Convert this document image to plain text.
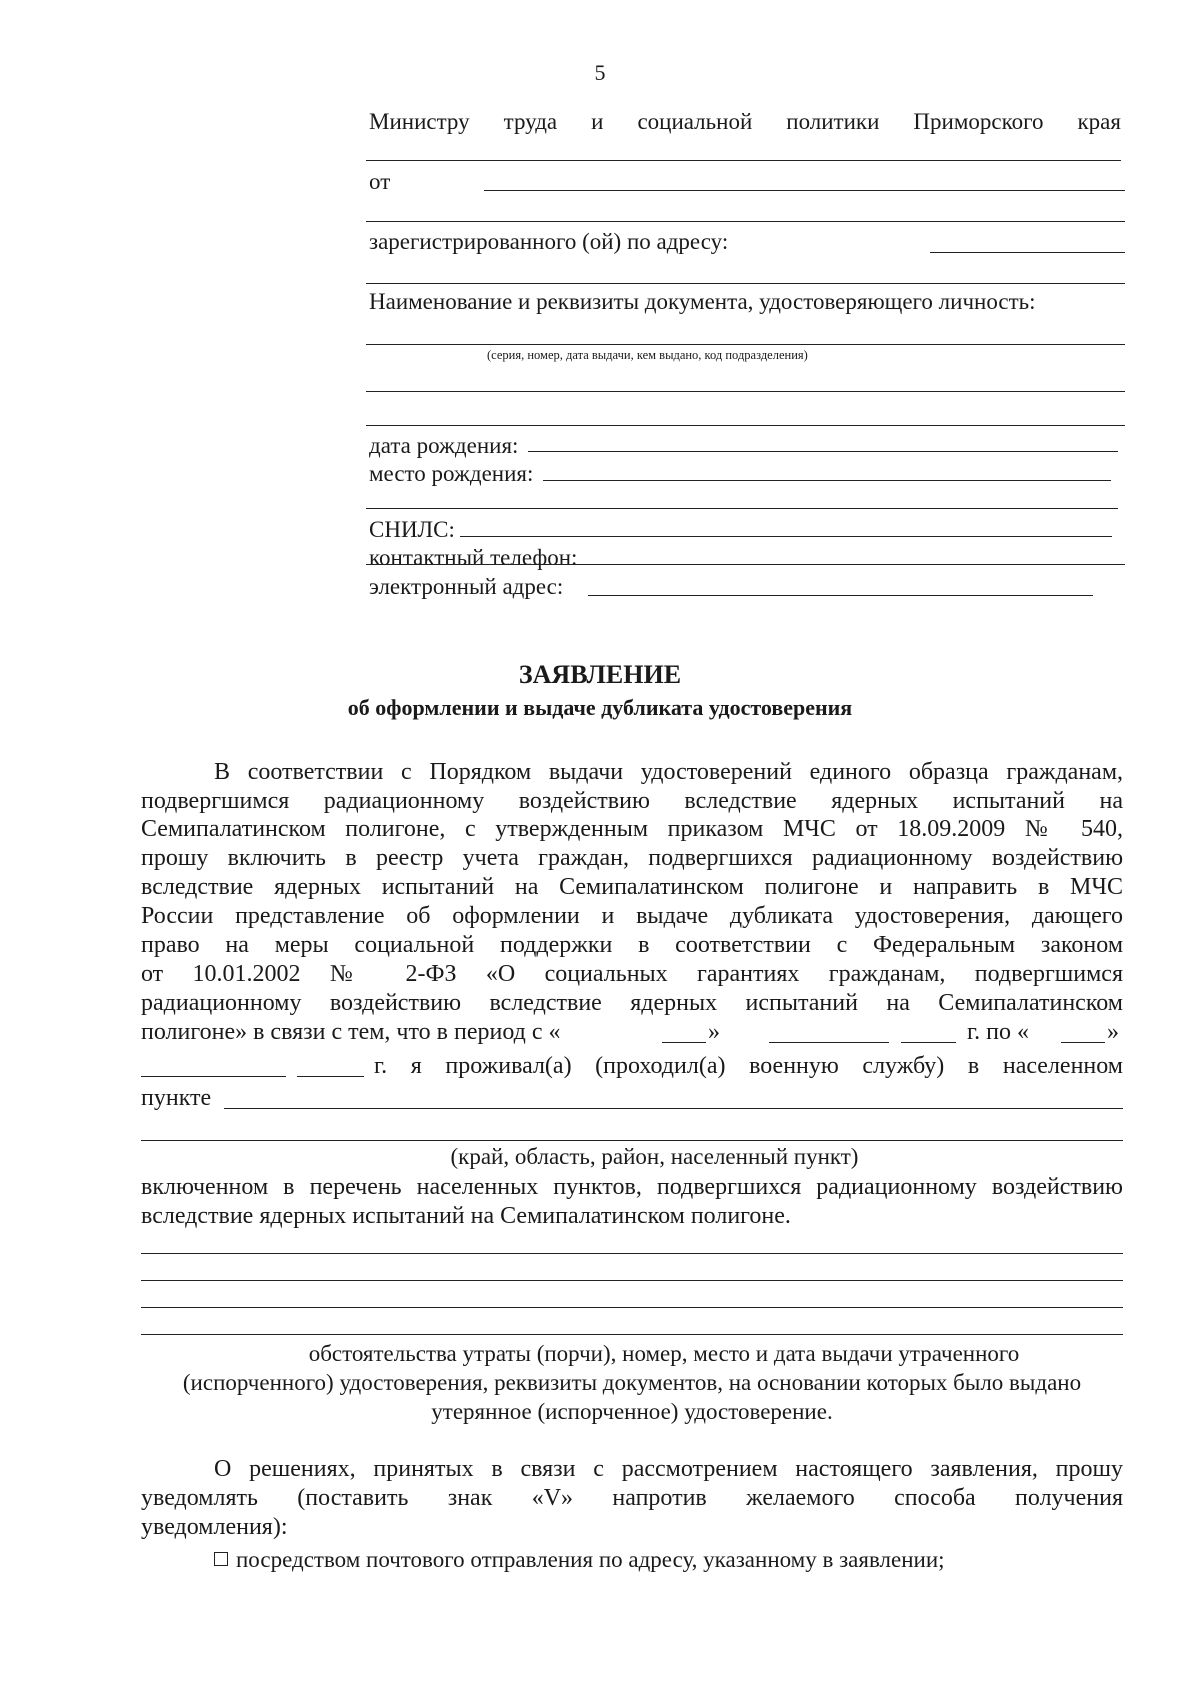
5
Министру труда и социальной политики Приморского края
от
зарегистрированного (ой) по адресу:
Наименование и реквизиты документа, удостоверяющего личность:
(серия, номер, дата выдачи, кем выдано, код подразделения)
дата рождения:
место рождения:
СНИЛС:
контактный телефон:
электронный адрес:
ЗАЯВЛЕНИЕ
об оформлении и выдаче дубликата удостоверения
В соответствии с Порядком выдачи удостоверений единого образца гражданам,
подвергшимся радиационному воздействию вследствие ядерных испытаний на
Семипалатинском полигоне, с утвержденным приказом МЧС от 18.09.2009 № 540,
прошу включить в реестр учета граждан, подвергшихся радиационному воздействию
вследствие ядерных испытаний на Семипалатинском полигоне и направить в МЧС
России представление об оформлении и выдаче дубликата удостоверения, дающего
право на меры социальной поддержки в соответствии с Федеральным законом
от 10.01.2002 № 2-ФЗ «О социальных гарантиях гражданам, подвергшимся
радиационному воздействию вследствие ядерных испытаний на Семипалатинском
полигоне» в связи с тем, что в период с «	»	г. по «	»
г. я проживал(а) (проходил(а) военную службу) в населенном
пункте
(край, область, район, населенный пункт)
включенном в перечень населенных пунктов, подвергшихся радиационному воздействию
вследствие ядерных испытаний на Семипалатинском полигоне.
обстоятельства утраты (порчи), номер, место и дата выдачи утраченного
(испорченного) удостоверения, реквизиты документов, на основании которых было выдано
утерянное (испорченное) удостоверение.
О решениях, принятых в связи с рассмотрением настоящего заявления, прошу
уведомлять (поставить знак «V» напротив желаемого способа получения
уведомления):
посредством почтового отправления по адресу, указанному в заявлении;
